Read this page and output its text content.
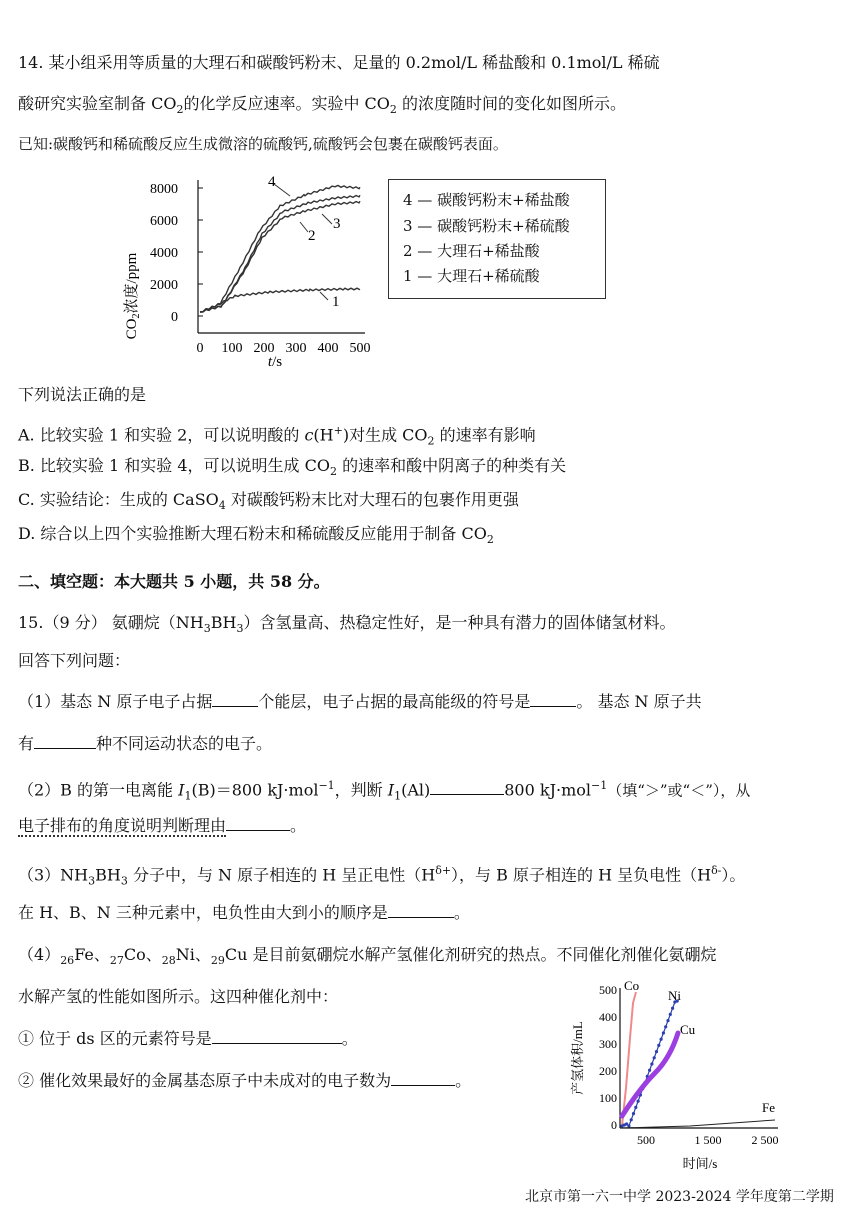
14. 某小组采用等质量的大理石和碳酸钙粉末、足量的 0.2mol/L 稀盐酸和 0.1mol/L 稀硫
酸研究实验室制备 $CO_2$的化学反应速率。实验中 $CO_2$ 的浓度随时间的变化如图所示。
已知:碳酸钙和稀硫酸反应生成微溶的硫酸钙,硫酸钙会包裹在碳酸钙表面。
$CO_2$浓度/ppm
8000
6000
4000
2000
0
0 100 200 300 400 500
4
3
2
1
t/s
4 — 碳酸钙粉末+稀盐酸
3 — 碳酸钙粉末+稀硫酸
2 — 大理石+稀盐酸
1 — 大理石+稀硫酸
下列说法正确的是
A. 比较实验 1 和实验 2，可以说明酸的 c(H+)对生成 $CO_2$ 的速率有影响
B. 比较实验 1 和实验 4，可以说明生成 $CO_2$ 的速率和酸中阴离子的种类有关
C. 实验结论：生成的 CaSO$_4$ 对碳酸钙粉末比对大理石的包裹作用更强
D. 综合以上四个实验推断大理石粉末和稀硫酸反应能用于制备 $CO_2$
二、填空题：本大题共 5 小题，共 58 分。
15.（9 分） 氨硼烷$(NH_3BH_3)$含氢量高、热稳定性好，是一种具有潜力的固体储氢材料。
回答下列问题：
（1）基态 N 原子电子占据	个能层，电子占据的最高能级的符号是	。 基态 N 原子共
有	种不同运动状态的电子。
（2）B 的第一电离能 $I_1(B)=800$ kJ·mol$^{-1}$，判断 $I_1(Al)$	800 kJ·mol$^{-1}$（填“＞”或“＜”），从
电子排布的角度说明判断理由	。
$(3)NH_3BH_3$ 分子中，与 N 原子相连的 H 呈正电性$(H^{\delta+})$，与 B 原子相连的 H 呈负电性$(H^{\delta-})$。
在 H、B、N 三种元素中，电负性由大到小的顺序是	。
$(4)_{26}Fe$、$_{27}$Co、$_{28}$Ni、$_{29}$Cu 是目前氨硼烷水解产氢催化剂研究的热点。不同催化剂催化氨硼烷
水解产氢的性能如图所示。这四种催化剂中：
① 位于 ds 区的元素符号是	。
② 催化效果最好的金属基态原子中未成对的电子数为	。	产氢体积/mL
500
400
300
200
100
0
500	1 500	2 500
Co
Ni
Cu
Fe
时间/s
北京市第一六一中学 2023-2024 学年度第二学期
